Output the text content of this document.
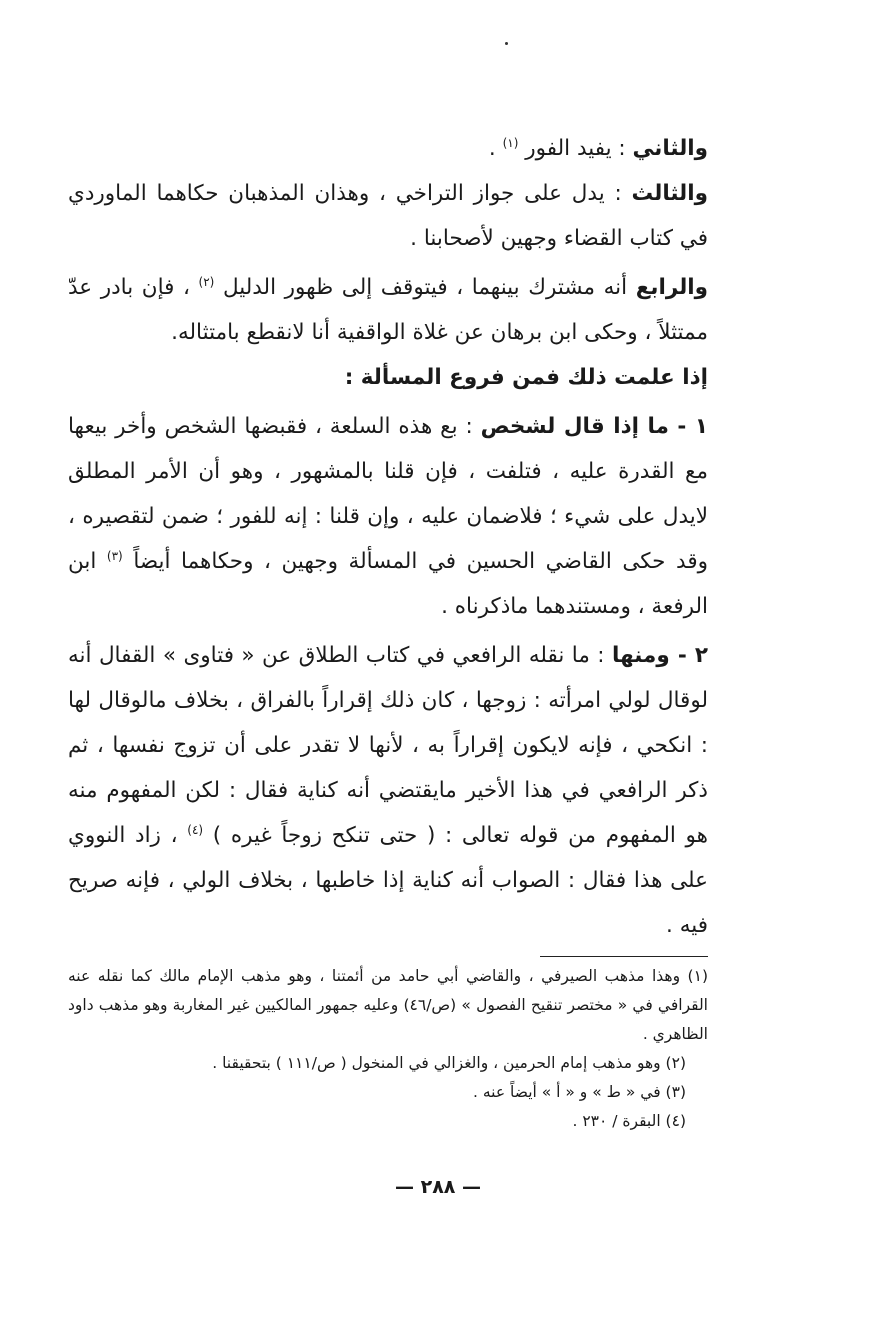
والثاني : يفيد الفور $^{(١)}$ .

والثالث : يدل على جواز التراخي ، وهذان المذهبان حكاهما الماوردي في كتاب القضاء وجهين لأصحابنا .

والرابع أنه مشترك بينهما ، فيتوقف إلى ظهور الدليل $^{(٢)}$ ، فإن بادر عدّ ممتثلاً ، وحكى ابن برهان عن غلاة الواقفية أنا لانقطع بامتثاله.

إذا علمت ذلك فمن فروع المسألة :

١ - ما إذا قال لشخص : بع هذه السلعة ، فقبضها الشخص وأخر بيعها مع القدرة عليه ، فتلفت ، فإن قلنا بالمشهور ، وهو أن الأمر المطلق لايدل على شيء ؛ فلاضمان عليه ، وإن قلنا : إنه للفور ؛ ضمن لتقصيره ، وقد حكى القاضي الحسين في المسألة وجهين ، وحكاهما أيضاً $^{(٣)}$ ابن الرفعة ، ومستندهما ماذكرناه .

٢ - ومنها : ما نقله الرافعي في كتاب الطلاق عن « فتاوى » القفال أنه لوقال لولي امرأته : زوجها ، كان ذلك إقراراً بالفراق ، بخلاف مالوقال لها : انكحي ، فإنه لايكون إقراراً به ، لأنها لا تقدر على أن تزوج نفسها ، ثم ذكر الرافعي في هذا الأخير مايقتضي أنه كناية فقال : لكن المفهوم منه هو المفهوم من قوله تعالى : ( حتى تنكح زوجاً غيره ) $^{(٤)}$ ، زاد النووي على هذا فقال : الصواب أنه كناية إذا خاطبها ، بخلاف الولي ، فإنه صريح فيه .

(١) وهذا مذهب الصيرفي ، والقاضي أبي حامد من أئمتنا ، وهو مذهب الإمام مالك كما نقله عنه القرافي في « مختصر تنقيح الفصول » (ص/٤٦) وعليه جمهور المالكيين غير المغاربة وهو مذهب داود الظاهري .

(٢) وهو مذهب إمام الحرمين ، والغزالي في المنخول ( ص/١١١ ) بتحقيقنا .

(٣) في « ط » و « أ » أيضاً عنه .

(٤) البقرة / ٢٣٠ .

— ٢٨٨ —
